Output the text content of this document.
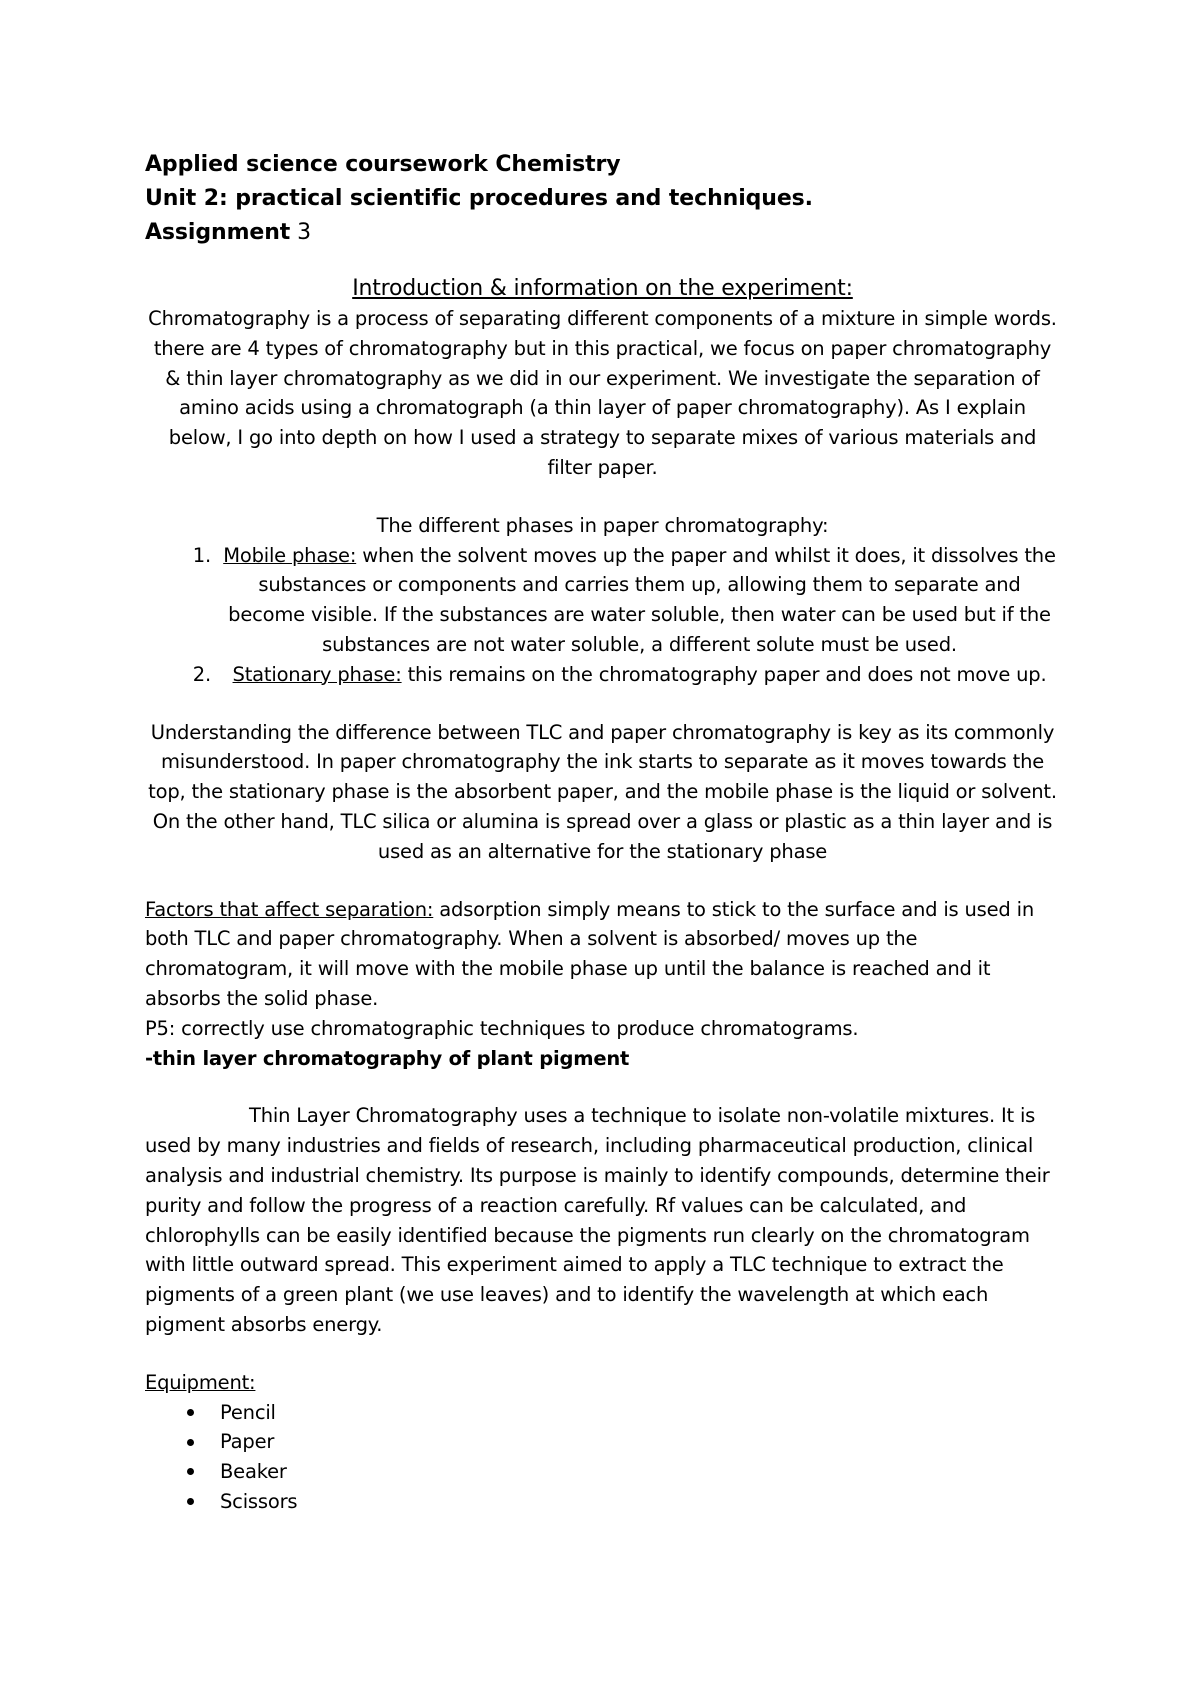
Applied science coursework Chemistry
Unit 2: practical scientific procedures and techniques.
Assignment 3
Introduction & information on the experiment:
Chromatography is a process of separating different components of a mixture in simple words. there are 4 types of chromatography but in this practical, we focus on paper chromatography & thin layer chromatography as we did in our experiment. We investigate the separation of amino acids using a chromatograph (a thin layer of paper chromatography). As I explain below, I go into depth on how I used a strategy to separate mixes of various materials and filter paper.
The different phases in paper chromatography:
1. Mobile phase: when the solvent moves up the paper and whilst it does, it dissolves the substances or components and carries them up, allowing them to separate and become visible. If the substances are water soluble, then water can be used but if the substances are not water soluble, a different solute must be used.
2.	Stationary phase: this remains on the chromatography paper and does not move up.
Understanding the difference between TLC and paper chromatography is key as its commonly misunderstood. In paper chromatography the ink starts to separate as it moves towards the top, the stationary phase is the absorbent paper, and the mobile phase is the liquid or solvent. On the other hand, TLC silica or alumina is spread over a glass or plastic as a thin layer and is used as an alternative for the stationary phase
Factors that affect separation: adsorption simply means to stick to the surface and is used in both TLC and paper chromatography. When a solvent is absorbed/ moves up the chromatogram, it will move with the mobile phase up until the balance is reached and it absorbs the solid phase.
P5: correctly use chromatographic techniques to produce chromatograms.
-thin layer chromatography of plant pigment
Thin Layer Chromatography uses a technique to isolate non-volatile mixtures. It is used by many industries and fields of research, including pharmaceutical production, clinical analysis and industrial chemistry. Its purpose is mainly to identify compounds, determine their purity and follow the progress of a reaction carefully. Rf values can be calculated, and chlorophylls can be easily identified because the pigments run clearly on the chromatogram with little outward spread. This experiment aimed to apply a TLC technique to extract the pigments of a green plant (we use leaves) and to identify the wavelength at which each pigment absorbs energy.
Equipment:
Pencil
Paper
Beaker
Scissors
